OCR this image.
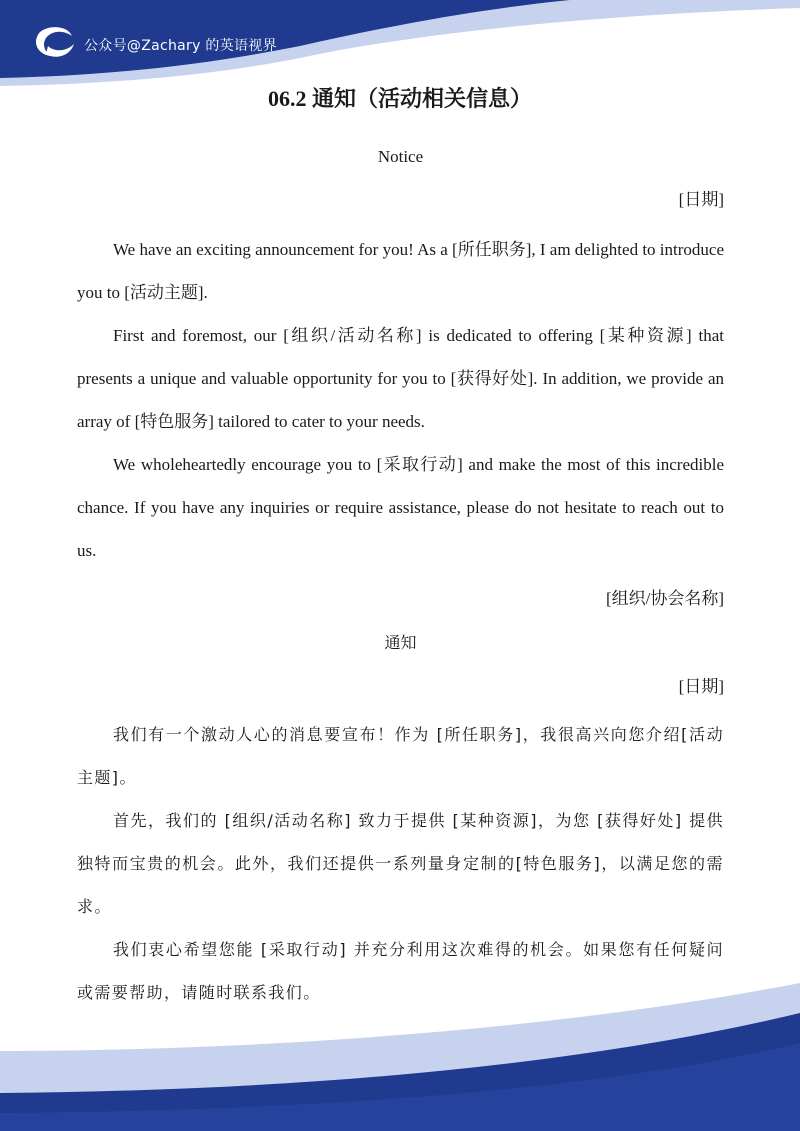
公众号@Zachary 的英语视界
06.2 通知（活动相关信息）
Notice
[日期]

We have an exciting announcement for you! As a [所任职务], I am delighted to introduce you to [活动主题].

First and foremost, our [组织/活动名称] is dedicated to offering [某种资源] that presents a unique and valuable opportunity for you to [获得好处]. In addition, we provide an array of [特色服务] tailored to cater to your needs.

We wholeheartedly encourage you to [采取行动] and make the most of this incredible chance. If you have any inquiries or require assistance, please do not hesitate to reach out to us.

[组织/协会名称]
通知
[日期]

我们有一个激动人心的消息要宣布！作为 [所任职务]，我很高兴向您介绍[活动主题]。

首先，我们的 [组织/活动名称] 致力于提供 [某种资源]，为您 [获得好处] 提供独特而宝贵的机会。此外，我们还提供一系列量身定制的[特色服务]，以满足您的需求。

我们衷心希望您能 [采取行动] 并充分利用这次难得的机会。如果您有任何疑问或需要帮助，请随时联系我们。
